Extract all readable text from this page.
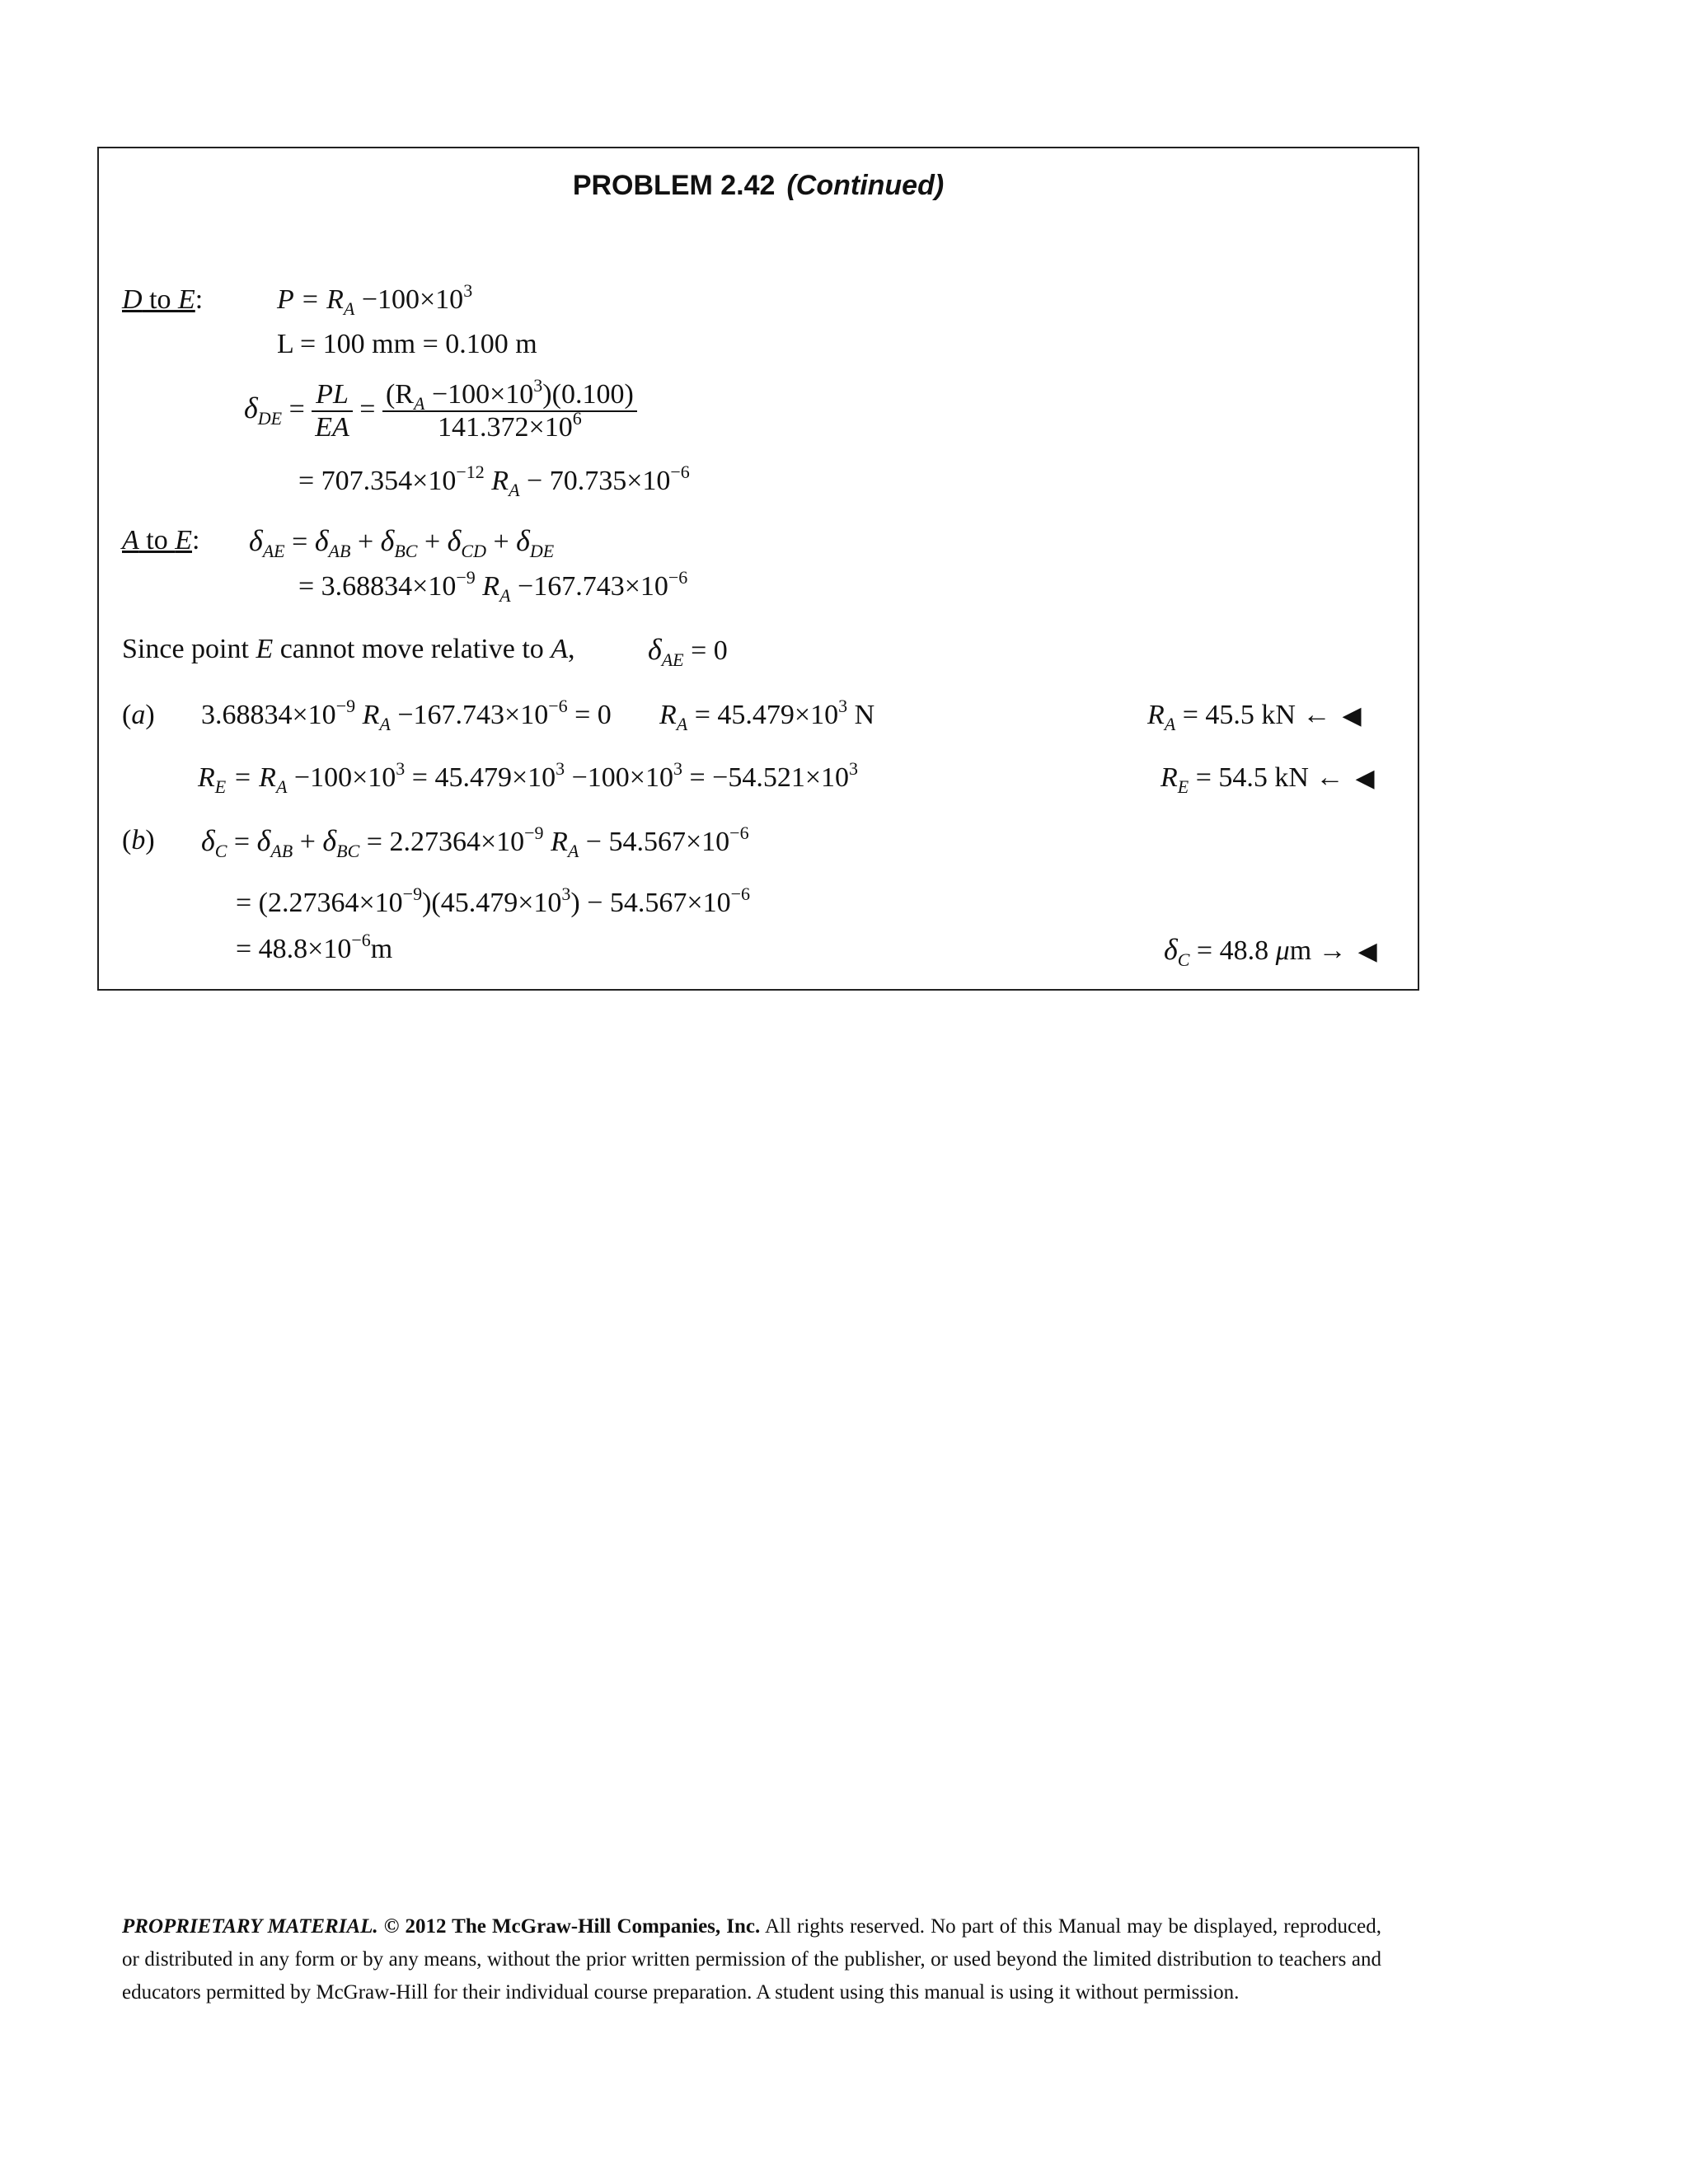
PROBLEM 2.42 (Continued)
D to E:	$P = R_A -100\times 10^3$
L = 100 mm = 0.100 m
$\delta_{DE} = \frac{PL}{EA} = \frac{(R_A -100\times 10^3)(0.100)}{141.372\times 10^6}$
= $707.354\times 10^{-12}$ $R_A - 70.735\times 10^{-6}$
A to E: $\delta_{AE} = \delta_{AB} + \delta_{BC} + \delta_{CD} + \delta_{DE}$
= $3.68834\times 10^{-9}$ $R_A -167.743\times 10^{-6}$
Since point E cannot move relative to A, $\delta_{AE} = 0$
(a) $3.68834\times 10^{-9}$ $R_A -167.743\times 10^{-6} = 0$ $R_A = 45.479\times 10^3$ N	$R_A = 45.5$ kN ← ◀
$R_E = R_A -100\times 10^3 = 45.479\times 10^3 -100\times 10^3 = -54.521\times 10^3$	$R_E = 54.5$ kN ← ◀
(b) $\delta_C = \delta_{AB} + \delta_{BC} = 2.27364\times 10^{-9}$ $R_A - 54.567\times 10^{-6}$
= $(2.27364\times 10^{-9})(45.479\times 10^3) - 54.567\times 10^{-6}$
= $48.8\times 10^{-6}m$	$\delta_C = 48.8$ μm → ◀
PROPRIETARY MATERIAL. © 2012 The McGraw-Hill Companies, Inc. All rights reserved. No part of this Manual may be displayed, reproduced, or distributed in any form or by any means, without the prior written permission of the publisher, or used beyond the limited distribution to teachers and educators permitted by McGraw-Hill for their individual course preparation. A student using this manual is using it without permission.
